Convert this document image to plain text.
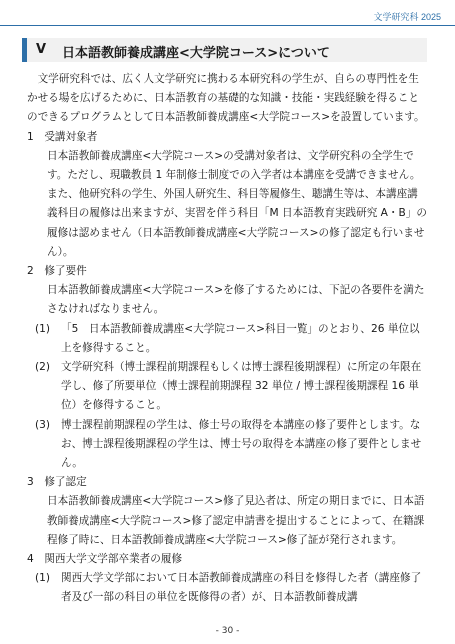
文学研究科 2025
V 日本語教師養成講座<大学院コース>について

文学研究科では、広く人文学研究に携わる本研究科の学生が、自らの専門性を生かせる場を広げるために、日本語教育の基礎的な知識・技能・実践経験を得ることのできるプログラムとして日本語教師養成講座<大学院コース>を設置しています。

1　受講対象者

日本語教師養成講座<大学院コース>の受講対象者は、文学研究科の全学生です。ただし、現職教員 1 年制修士制度での入学者は本講座を受講できません。また、他研究科の学生、外国人研究生、科目等履修生、聴講生等は、本講座講義科目の履修は出来ますが、実習を伴う科目「M 日本語教育実践研究 A・B」の履修は認めません（日本語教師養成講座<大学院コース>の修了認定も行いません）。

2　修了要件

日本語教師養成講座<大学院コース>を修了するためには、下記の各要件を満たさなければなりません。

(1) 「5　日本語教師養成講座<大学院コース>科目一覧」のとおり、26 単位以上を修得すること。
(2) 文学研究科（博士課程前期課程もしくは博士課程後期課程）に所定の年限在学し、修了所要単位（博士課程前期課程 32 単位 / 博士課程後期課程 16 単位）を修得すること。
(3) 博士課程前期課程の学生は、修士号の取得を本講座の修了要件とします。なお、博士課程後期課程の学生は、博士号の取得を本講座の修了要件としません。

3　修了認定

日本語教師養成講座<大学院コース>修了見込者は、所定の期日までに、日本語教師養成講座<大学院コース>修了認定申請書を提出することによって、在籍課程修了時に、日本語教師養成講座<大学院コース>修了証が発行されます。

4　関西大学文学部卒業者の履修

(1) 関西大学文学部において日本語教師養成講座の科目を修得した者（講座修了者及び一部の科目の単位を既修得の者）が、日本語教師養成講
- 30 -
